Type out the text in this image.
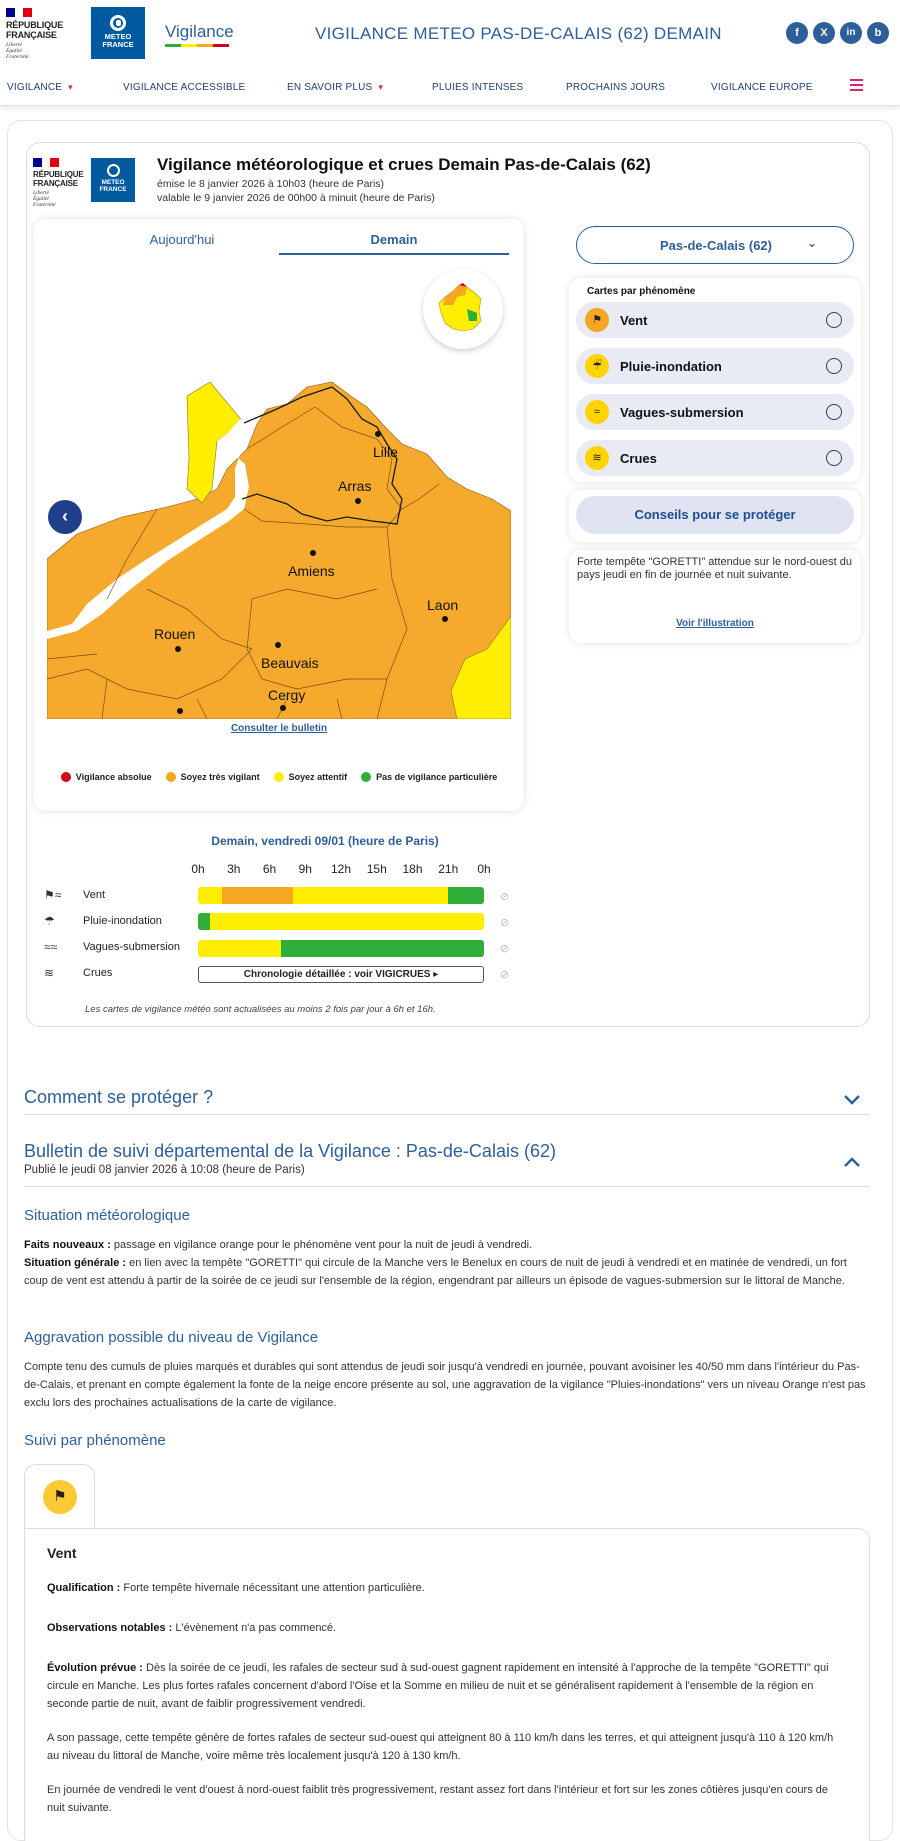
RÉPUBLIQUE
FRANÇAISE
Liberté
Égalité
Fraternité
METEO
FRANCE
Vigilance	VIGILANCE METEO PAS-DE-CALAIS (62) DEMAIN	f	X	in	b
VIGILANCE ▾	VIGILANCE ACCESSIBLE	EN SAVOIR PLUS ▾	PLUIES INTENSES	PROCHAINS JOURS	VIGILANCE EUROPE
RÉPUBLIQUE
FRANÇAISE
Liberté
Égalité
Fraternité
METEO
FRANCE
Vigilance météorologique et crues Demain Pas-de-Calais (62)
émise le 8 janvier 2026 à 10h03 (heure de Paris)
valable le 9 janvier 2026 de 00h00 à minuit (heure de Paris)
Aujourd'hui	Demain
Lille
Arras
Amiens
Laon
Rouen
Beauvais
Cergy
‹
Consulter le bulletin
Vigilance absolue	Soyez très vigilant	Soyez attentif	Pas de vigilance particulière
Pas-de-Calais (62)	⌄
Cartes par phénomène
⚑	Vent
☔	Pluie-inondation
≈	Vagues-submersion
≋	Crues
Conseils pour se protéger
Forte tempête "GORETTI" attendue sur le nord-ouest du pays jeudi en fin de journée et nuit suivante.
Voir l'illustration
Demain, vendredi 09/01 (heure de Paris)
0h	3h	6h	9h	12h	15h	18h	21h	0h
⚑≈	Vent	⊘
☂	Pluie-inondation	⊘
≈≈	Vagues-submersion	⊘
≋	Crues	Chronologie détaillée : voir VIGICRUES ▸	⊘
Les cartes de vigilance météo sont actualisées au moins 2 fois par jour à 6h et 16h.
Comment se protéger ?
Bulletin de suivi départemental de la Vigilance : Pas-de-Calais (62)
Publié le jeudi 08 janvier 2026 à 10:08 (heure de Paris)
Situation météorologique
Faits nouveaux : passage en vigilance orange pour le phénomène vent pour la nuit de jeudi à vendredi.
Situation générale : en lien avec la tempête "GORETTI" qui circule de la Manche vers le Benelux en cours de nuit de jeudi à vendredi et en matinée de vendredi, un fort coup de vent est attendu à partir de la soirée de ce jeudi sur l'ensemble de la région, engendrant par ailleurs un épisode de vagues-submersion sur le littoral de Manche.
Aggravation possible du niveau de Vigilance
Compte tenu des cumuls de pluies marqués et durables qui sont attendus de jeudi soir jusqu'à vendredi en journée, pouvant avoisiner les 40/50 mm dans l'intérieur du Pas-de-Calais, et prenant en compte également la fonte de la neige encore présente au sol, une aggravation de la vigilance "Pluies-inondations" vers un niveau Orange n'est pas exclu lors des prochaines actualisations de la carte de vigilance.
Suivi par phénomène
⚑
Vent
Qualification : Forte tempête hivernale nécessitant une attention particulière.
Observations notables : L'évènement n'a pas commencé.
Évolution prévue : Dès la soirée de ce jeudi, les rafales de secteur sud à sud-ouest gagnent rapidement en intensité à l'approche de la tempête "GORETTI" qui circule en Manche. Les plus fortes rafales concernent d'abord l'Oise et la Somme en milieu de nuit et se généralisent rapidement à l'ensemble de la région en seconde partie de nuit, avant de faiblir progressivement vendredi.
A son passage, cette tempête génère de fortes rafales de secteur sud-ouest qui atteignent 80 à 110 km/h dans les terres, et qui atteignent jusqu'à 110 à 120 km/h au niveau du littoral de Manche, voire même très localement jusqu'à 120 à 130 km/h.
En journée de vendredi le vent d'ouest à nord-ouest faiblit très progressivement, restant assez fort dans l'intérieur et fort sur les zones côtières jusqu'en cours de nuit suivante.
